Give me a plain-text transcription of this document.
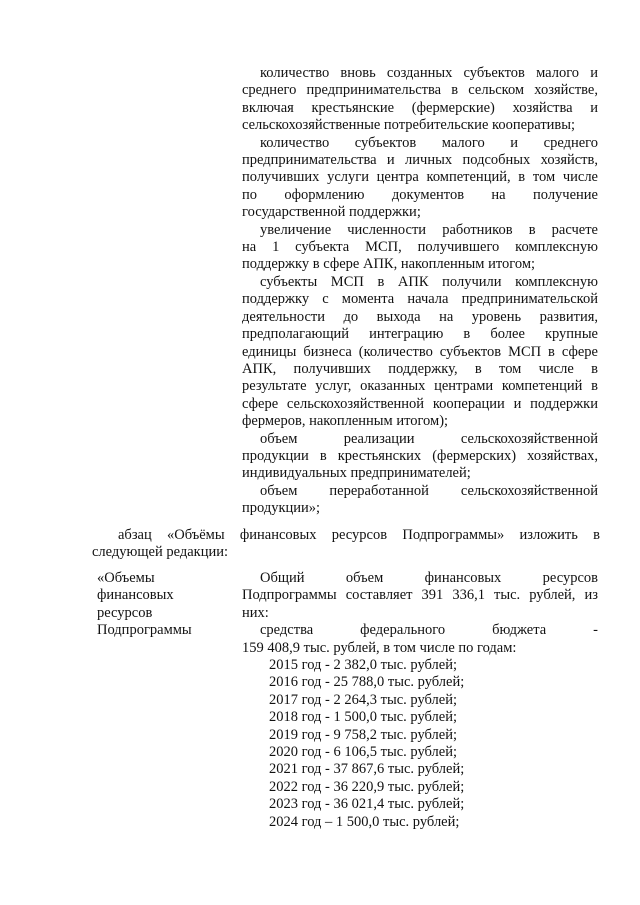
количество вновь созданных субъектов малого и

среднего предпринимательства в сельском хозяйстве,

включая крестьянские (фермерские) хозяйства и

сельскохозяйственные потребительские кооперативы;

количество субъектов малого и среднего

предпринимательства и личных подсобных хозяйств,

получивших услуги центра компетенций, в том числе

по оформлению документов на получение

государственной поддержки;

увеличение численности работников в расчете

на 1 субъекта МСП, получившего комплексную

поддержку в сфере АПК, накопленным итогом;

субъекты МСП в АПК получили комплексную

поддержку с момента начала предпринимательской

деятельности до выхода на уровень развития,

предполагающий интеграцию в более крупные

единицы бизнеса (количество субъектов МСП в сфере

АПК, получивших поддержку, в том числе в

результате услуг, оказанных центрами компетенций в

сфере сельскохозяйственной кооперации и поддержки

фермеров, накопленным итогом);

объем реализации сельскохозяйственной

продукции в крестьянских (фермерских) хозяйствах,

индивидуальных предпринимателей;

объем переработанной сельскохозяйственной

продукции»;

абзац «Объёмы финансовых ресурсов Подпрограммы» изложить в

следующей редакции:

«Объемы

финансовых

ресурсов

Подпрограммы

Общий объем финансовых ресурсов

Подпрограммы составляет 391 336,1 тыс. рублей, из

них:

средства федерального бюджета -

159 408,9 тыс. рублей, в том числе по годам:

2015 год - 2 382,0 тыс. рублей;

2016 год - 25 788,0 тыс. рублей;

2017 год - 2 264,3 тыс. рублей;

2018 год - 1 500,0 тыс. рублей;

2019 год - 9 758,2 тыс. рублей;

2020 год - 6 106,5 тыс. рублей;

2021 год - 37 867,6 тыс. рублей;

2022 год - 36 220,9 тыс. рублей;

2023 год - 36 021,4 тыс. рублей;

2024 год – 1 500,0 тыс. рублей;
